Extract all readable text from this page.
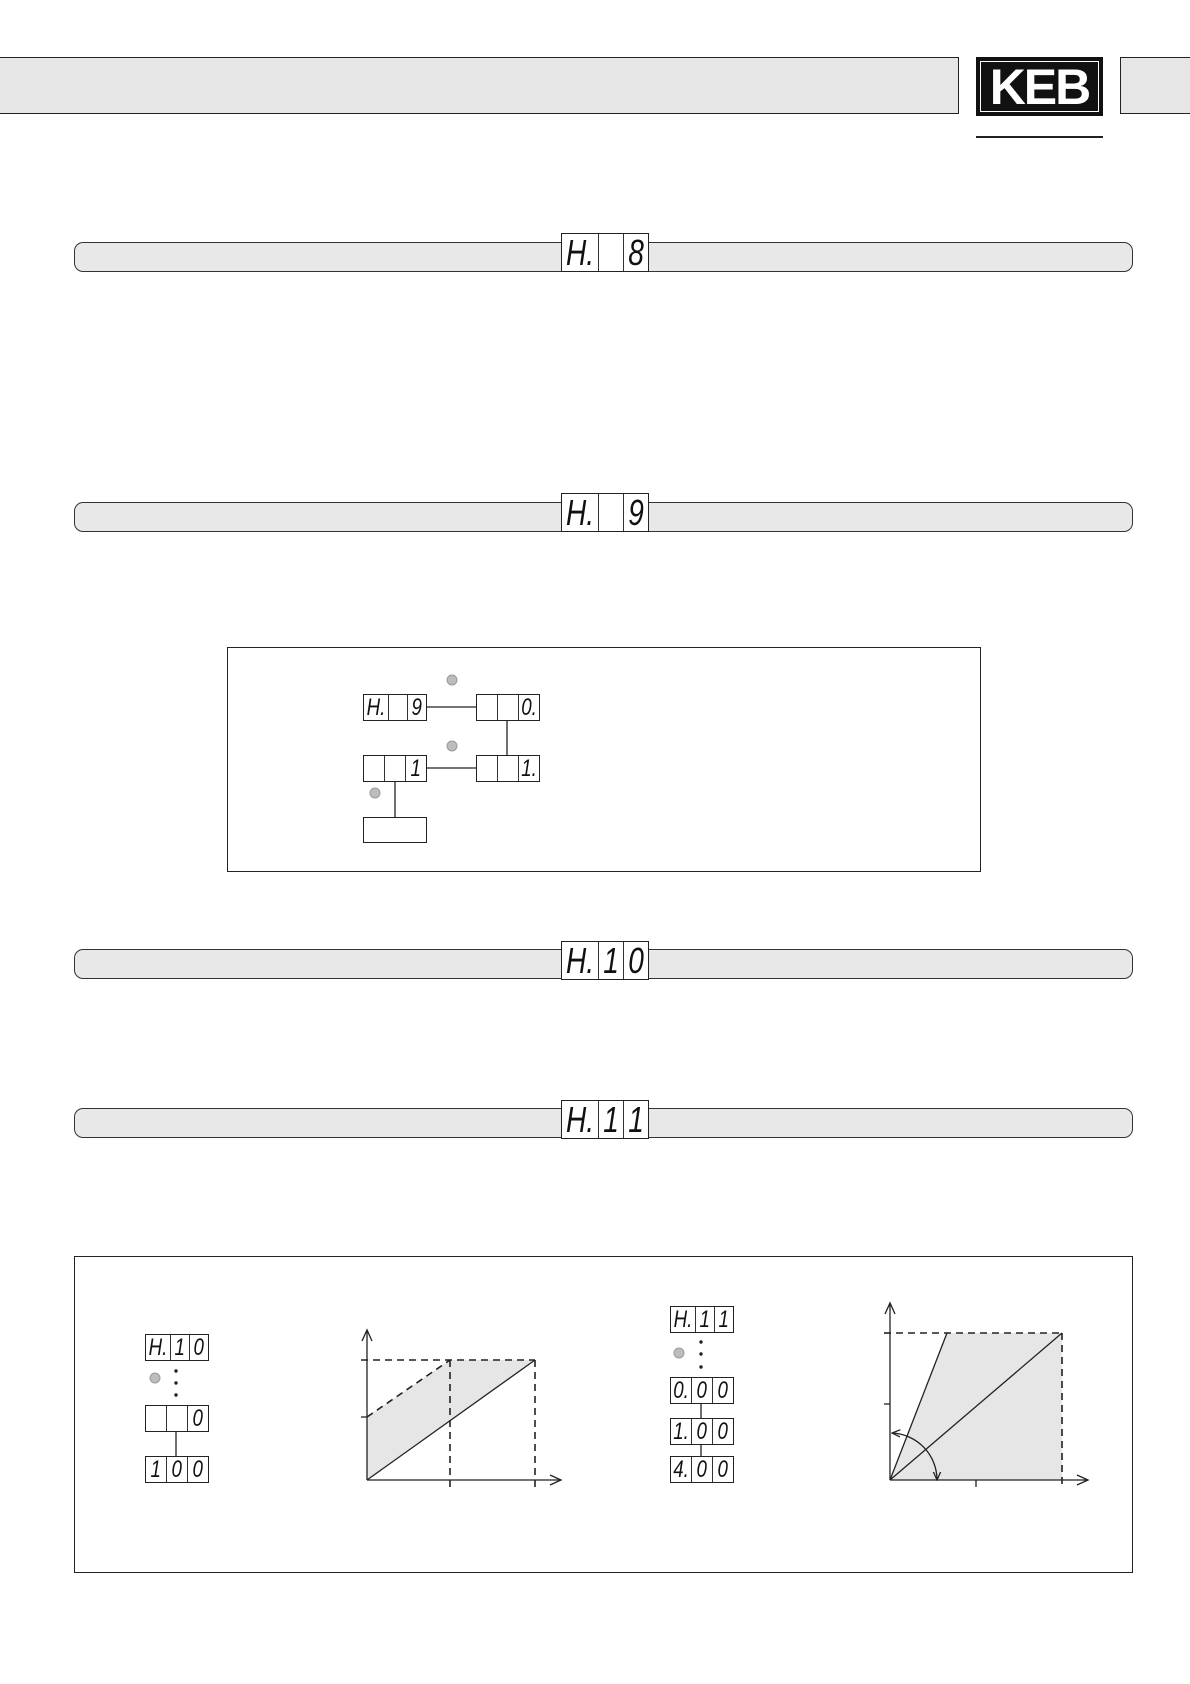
KEB
H. 8
H. 9
H. 9	0.
1	1.
H. 1 0
H. 1 1
H. 1 0
0
1 0 0
H. 1 1
0. 0 0
1. 0 0
4. 0 0
